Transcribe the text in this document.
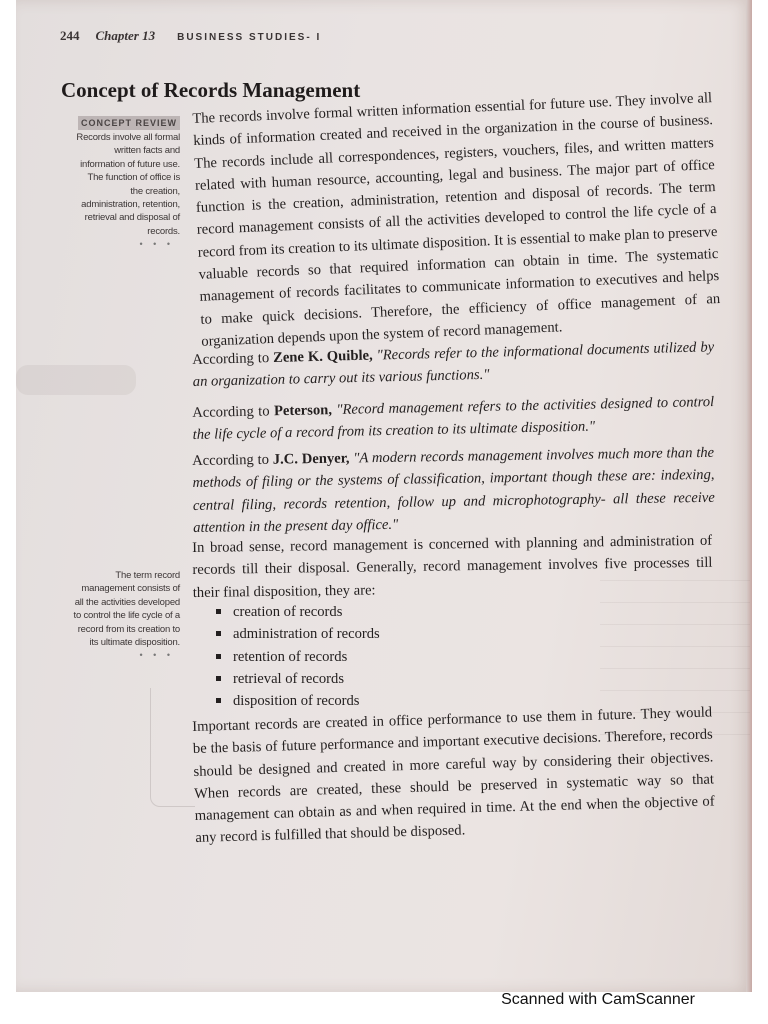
244 Chapter 13 BUSINESS STUDIES- I
Concept of Records Management
CONCEPT REVIEW
Records involve all formal
written facts and
information of future use.
The function of office is
the creation,
administration, retention,
retrieval and disposal of
records.
• • •
The term record
management consists of
all the activities developed
to control the life cycle of a
record from its creation to
its ultimate disposition.
• • •
The records involve formal written information essential for future use. They involve all kinds of information created and received in the organization in the course of business. The records include all correspondences, registers, vouchers, files, and written matters related with human resource, accounting, legal and business. The major part of office function is the creation, administration, retention and disposal of records. The term record management consists of all the activities developed to control the life cycle of a record from its creation to its ultimate disposition. It is essential to make plan to preserve valuable records so that required information can obtain in time. The systematic management of records facilitates to communicate information to executives and helps to make quick decisions. Therefore, the efficiency of office management of an organization depends upon the system of record management.
According to Zene K. Quible, "Records refer to the informational documents utilized by an organization to carry out its various functions."
According to Peterson, "Record management refers to the activities designed to control the life cycle of a record from its creation to its ultimate disposition."
According to J.C. Denyer, "A modern records management involves much more than the methods of filing or the systems of classification, important though these are: indexing, central filing, records retention, follow up and microphotography- all these receive attention in the present day office."
In broad sense, record management is concerned with planning and administration of records till their disposal. Generally, record management involves five processes till their final disposition, they are:
creation of records
administration of records
retention of records
retrieval of records
disposition of records
Important records are created in office performance to use them in future. They would be the basis of future performance and important executive decisions. Therefore, records should be designed and created in more careful way by considering their objectives. When records are created, these should be preserved in systematic way so that management can obtain as and when required in time. At the end when the objective of any record is fulfilled that should be disposed.
Scanned with CamScanner
